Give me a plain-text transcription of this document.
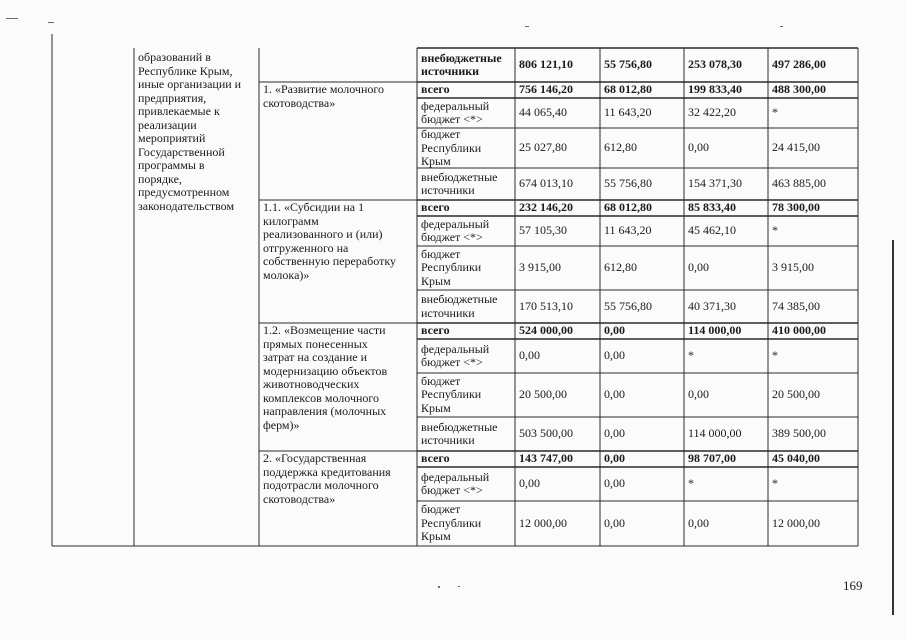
образований в
Республике Крым,
иные организации и
предприятия,
привлекаемые к
реализации
мероприятий
Государственной
программы в
порядке,
предусмотренном
законодательством
внебюджетные
источники	806 121,10	55 756,80	253 078,30	497 286,00
1. «Развитие молочного
скотоводства»
всего	756 146,20	68 012,80	199 833,40	488 300,00
федеральный
бюджет <*>	44 065,40	11 643,20	32 422,20	*
бюджет
Республики
Крым
25 027,80	612,80	0,00	24 415,00
внебюджетные
источники	674 013,10	55 756,80	154 371,30	463 885,00
1.1. «Субсидии на 1
килограмм
реализованного и (или)
отгруженного на
собственную переработку
молока)»
всего	232 146,20	68 012,80	85 833,40	78 300,00
федеральный
бюджет <*>	57 105,30	11 643,20	45 462,10	*
бюджет
Республики
Крым
3 915,00	612,80	0,00	3 915,00
внебюджетные
источники	170 513,10	55 756,80	40 371,30	74 385,00
1.2. «Возмещение части
прямых понесенных
затрат на создание и
модернизацию объектов
животноводческих
комплексов молочного
направления (молочных
ферм)»
всего	524 000,00	0,00	114 000,00	410 000,00
федеральный
бюджет <*>	0,00	0,00	*	*
бюджет
Республики
Крым
20 500,00	0,00	0,00	20 500,00
внебюджетные
источники	503 500,00	0,00	114 000,00	389 500,00
2. «Государственная
поддержка кредитования
подотрасли молочного
скотоводства»
всего	143 747,00	0,00	98 707,00	45 040,00
федеральный
бюджет <*>	0,00	0,00	*	*
бюджет
Республики
Крым
12 000,00	0,00	0,00	12 000,00
169
